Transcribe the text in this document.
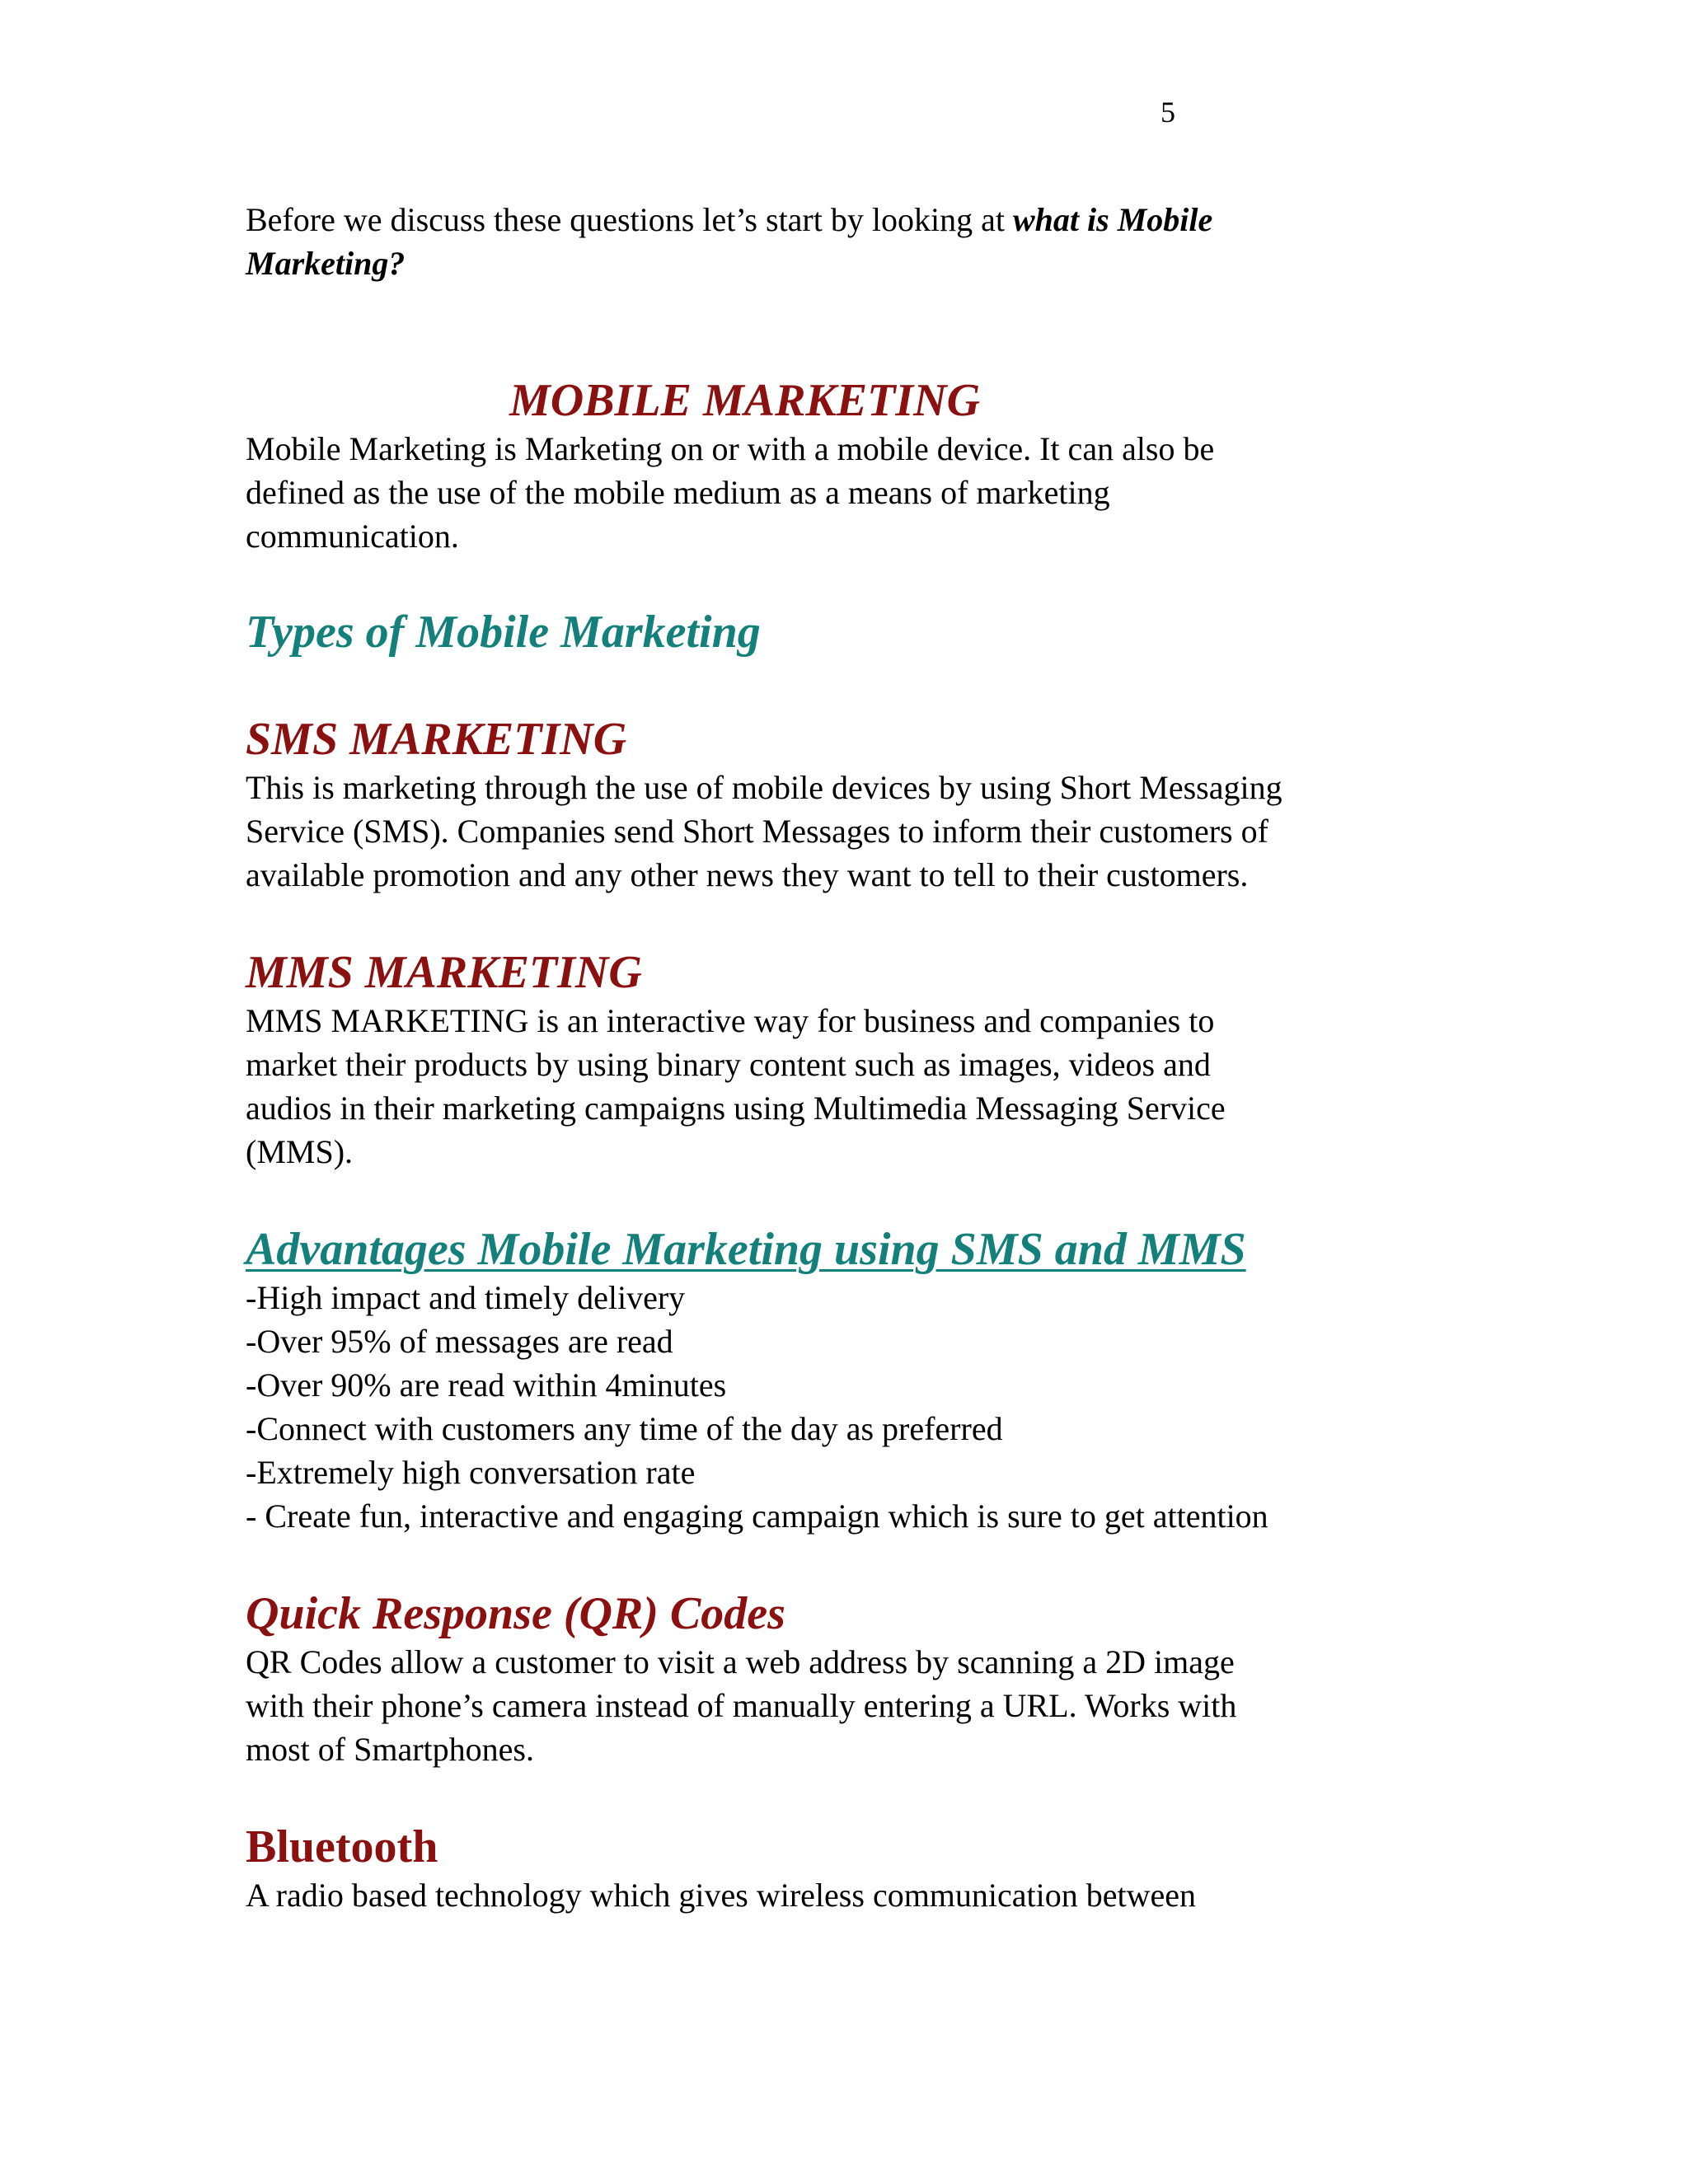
5

Before we discuss these questions let’s start by looking at what is Mobile
Marketing?

MOBILE MARKETING

Mobile Marketing is Marketing on or with a mobile device. It can also be
defined as the use of the mobile medium as a means of marketing
communication.

Types of Mobile Marketing
SMS MARKETING

This is marketing through the use of mobile devices by using Short Messaging
Service (SMS). Companies send Short Messages to inform their customers of
available promotion and any other news they want to tell to their customers.

MMS MARKETING

MMS MARKETING is an interactive way for business and companies to
market their products by using binary content such as images, videos and
audios in their marketing campaigns using Multimedia Messaging Service
(MMS).

Advantages Mobile Marketing using SMS and MMS
-High impact and timely delivery
-Over 95% of messages are read
-Over 90% are read within 4minutes
-Connect with customers any time of the day as preferred
-Extremely high conversation rate
- Create fun, interactive and engaging campaign which is sure to get attention
Quick Response (QR) Codes

QR Codes allow a customer to visit a web address by scanning a 2D image
with their phone’s camera instead of manually entering a URL. Works with
most of Smartphones.

Bluetooth

A radio based technology which gives wireless communication between
